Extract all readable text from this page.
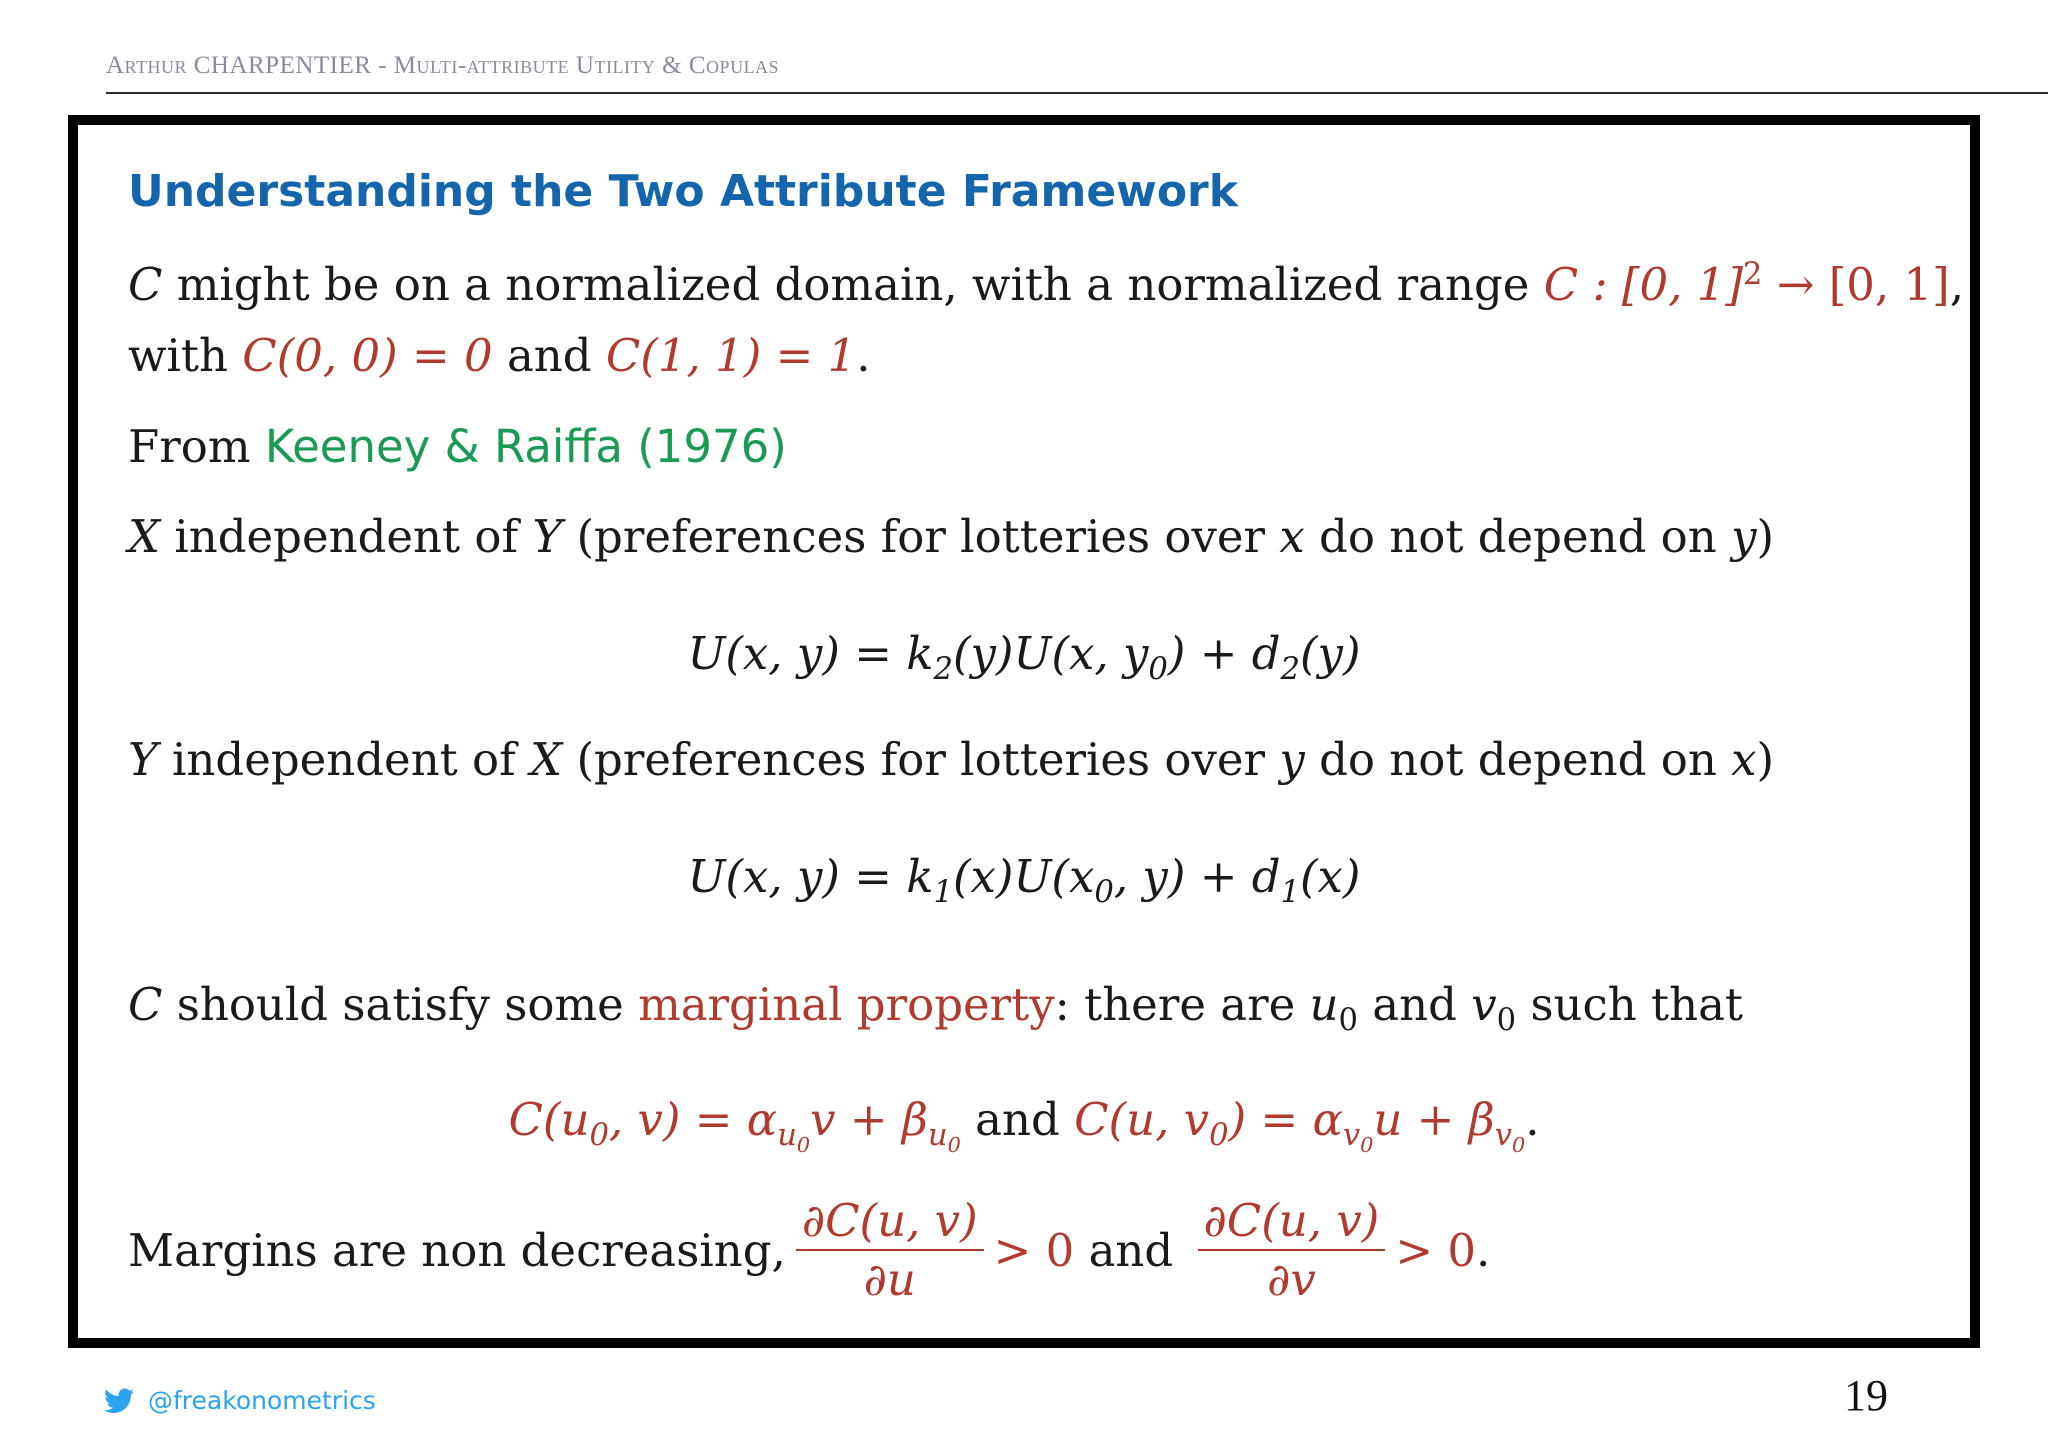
Arthur CHARPENTIER - Multi-attribute Utility & Copulas
Understanding the Two Attribute Framework
C might be on a normalized domain, with a normalized range C : [0, 1]$^2$ → [0, 1],
with C(0, 0) = 0 and C(1, 1) = 1.
From Keeney & Raiffa (1976)
X independent of Y (preferences for lotteries over x do not depend on y)
U(x, $y) = k_2(y)U(x$, $y_0) + d_2(y)$
Y independent of X (preferences for lotteries over y do not depend on x)
U(x, $y) = k_1(x)U(x_0$, $y) + d_1(x)$
C should satisfy some marginal property: there are $u_0$ and $v_0$ such that
$C(u_0$, $v) = \alpha_{u_0}v + \beta_{u_0}$ and C(u, $v_0) = \alpha_{v_0}u + \beta_{v_0}$.
Margins are non decreasing, $\frac{\partial C(u, v)}{\partial u} > 0$ and $\frac{\partial C(u, v)}{\partial v} > 0$ .
@freakonometrics	19
